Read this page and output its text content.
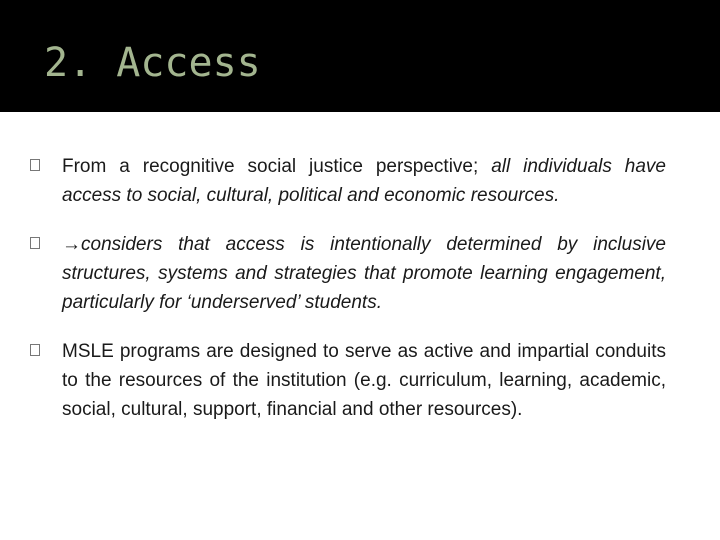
2. Access

From a recognitive social justice perspective; all individuals have access to social, cultural, political and economic resources.

→considers that access is intentionally determined by inclusive structures, systems and strategies that promote learning engagement, particularly for ‘underserved’ students.

MSLE programs are designed to serve as active and impartial conduits to the resources of the institution (e.g. curriculum, learning, academic, social, cultural, support, financial and other resources).
